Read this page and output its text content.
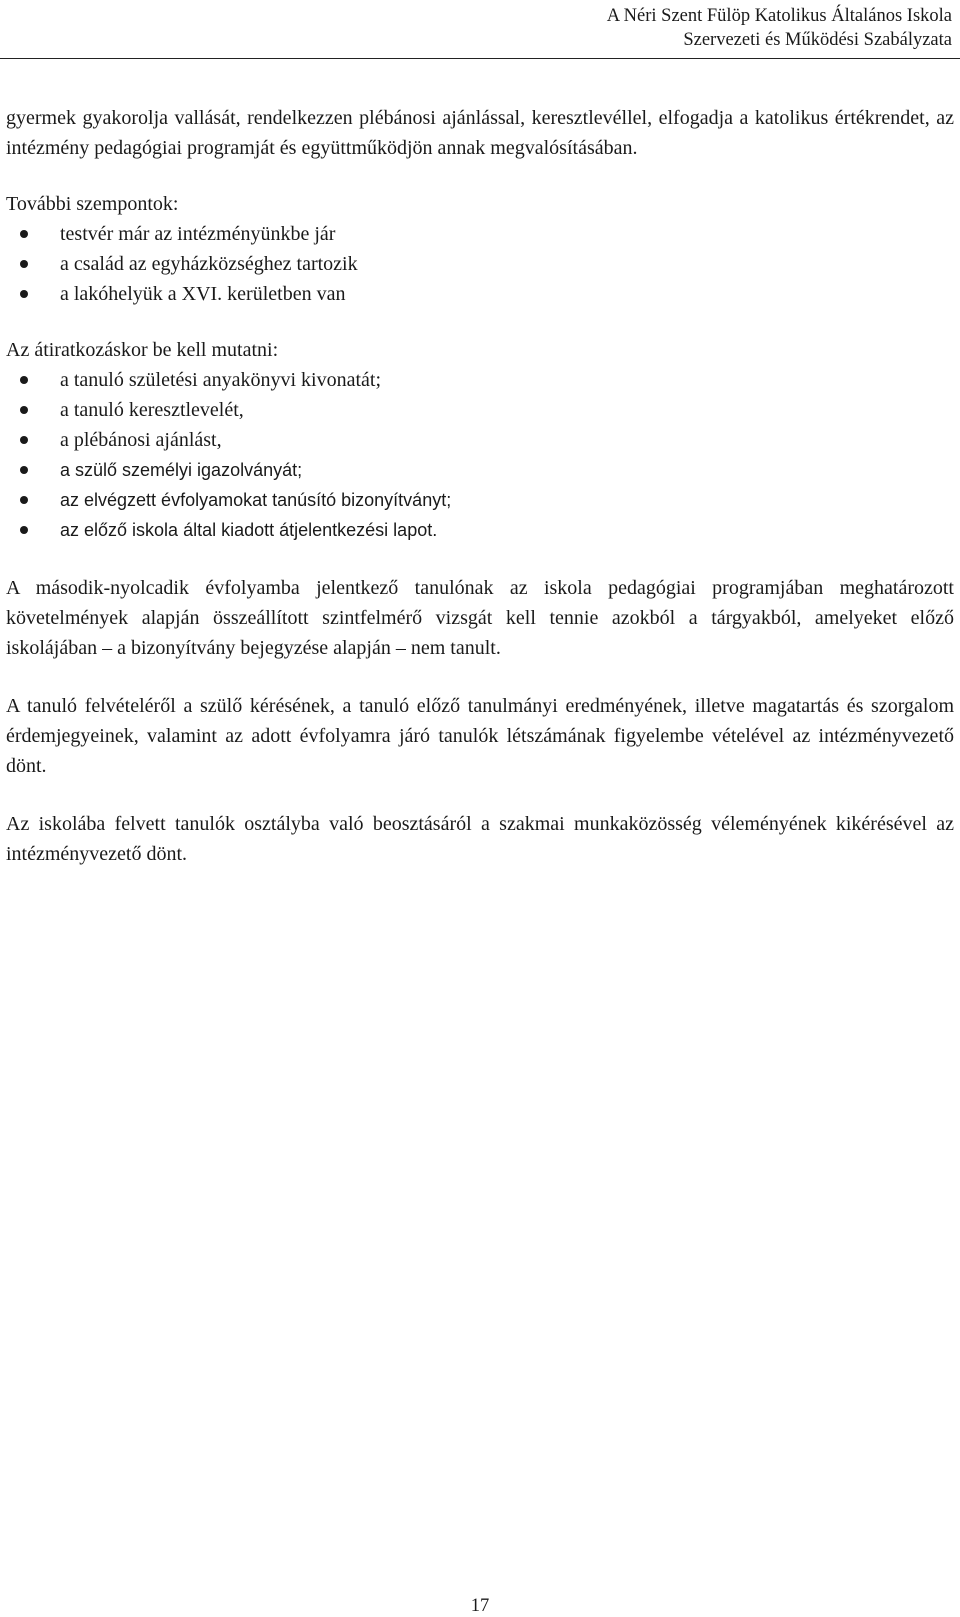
A Néri Szent Fülöp Katolikus Általános Iskola
Szervezeti és Működési Szabályzata

gyermek gyakorolja vallását, rendelkezzen plébánosi ajánlással, keresztlevéllel, elfogadja a katolikus értékrendet, az intézmény pedagógiai programját és együttműködjön annak megvalósításában.

További szempontok:
testvér már az intézményünkbe jár
a család az egyházközséghez tartozik
a lakóhelyük a XVI. kerületben van
Az átiratkozáskor be kell mutatni:
a tanuló születési anyakönyvi kivonatát;
a tanuló keresztlevelét,
a plébánosi ajánlást,
a szülő személyi igazolványát;
az elvégzett évfolyamokat tanúsító bizonyítványt;
az előző iskola által kiadott átjelentkezési lapot.

A második-nyolcadik évfolyamba jelentkező tanulónak az iskola pedagógiai programjában meghatározott követelmények alapján összeállított szintfelmérő vizsgát kell tennie azokból a tárgyakból, amelyeket előző iskolájában – a bizonyítvány bejegyzése alapján – nem tanult.

A tanuló felvételéről a szülő kérésének, a tanuló előző tanulmányi eredményének, illetve magatartás és szorgalom érdemjegyeinek, valamint az adott évfolyamra járó tanulók létszámának figyelembe vételével az intézményvezető dönt.

Az iskolába felvett tanulók osztályba való beosztásáról a szakmai munkaközösség véleményének kikérésével az intézményvezető dönt.

17
